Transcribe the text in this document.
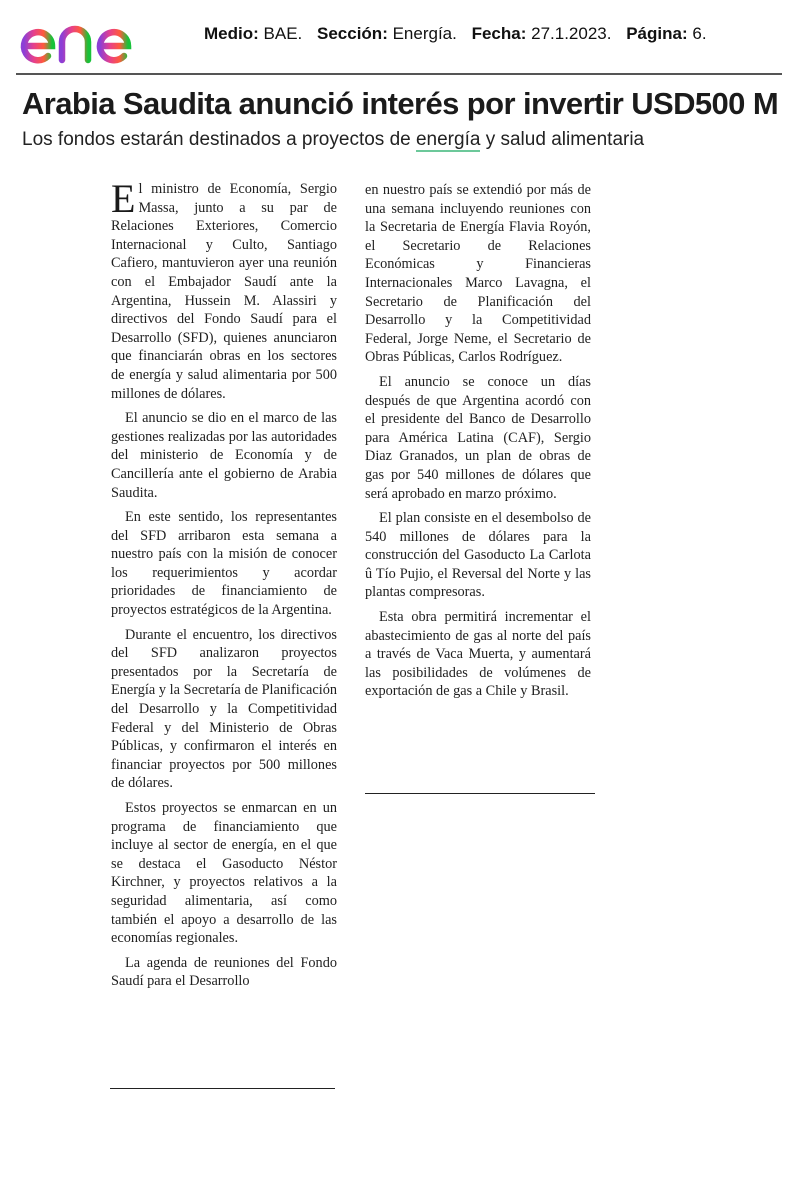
Medio: BAE. Sección: Energía. Fecha: 27.1.2023. Página: 6.
Arabia Saudita anunció interés por invertir USD500 M
Los fondos estarán destinados a proyectos de energía y salud alimentaria

El ministro de Economía, Sergio Massa, junto a su par de Relaciones Exteriores, Comercio Internacional y Culto, Santiago Cafiero, mantuvieron ayer una reunión con el Embajador Saudí ante la Argentina, Hussein M. Alassiri y directivos del Fondo Saudí para el Desarrollo (SFD), quienes anunciaron que financiarán obras en los sectores de energía y salud alimentaria por 500 millones de dólares.

El anuncio se dio en el marco de las gestiones realizadas por las autoridades del ministerio de Economía y de Cancillería ante el gobierno de Arabia Saudita.

En este sentido, los representantes del SFD arribaron esta semana a nuestro país con la misión de conocer los requerimientos y acordar prioridades de financiamiento de proyectos estratégicos de la Argentina.

Durante el encuentro, los directivos del SFD analizaron proyectos presentados por la Secretaría de Energía y la Secretaría de Planificación del Desarrollo y la Competitividad Federal y del Ministerio de Obras Públicas, y confirmaron el interés en financiar proyectos por 500 millones de dólares.

Estos proyectos se enmarcan en un programa de financiamiento que incluye al sector de energía, en el que se destaca el Gasoducto Néstor Kirchner, y proyectos relativos a la seguridad alimentaria, así como también el apoyo a desarrollo de las economías regionales.

La agenda de reuniones del Fondo Saudí para el Desarrollo

en nuestro país se extendió por más de una semana incluyendo reuniones con la Secretaria de Energía Flavia Royón, el Secretario de Relaciones Económicas y Financieras Internacionales Marco Lavagna, el Secretario de Planificación del Desarrollo y la Competitividad Federal, Jorge Neme, el Secretario de Obras Públicas, Carlos Rodríguez.

El anuncio se conoce un días después de que Argentina acordó con el presidente del Banco de Desarrollo para América Latina (CAF), Sergio Diaz Granados, un plan de obras de gas por 540 millones de dólares que será aprobado en marzo próximo.

El plan consiste en el desembolso de 540 millones de dólares para la construcción del Gasoducto La Carlota û Tío Pujio, el Reversal del Norte y las plantas compresoras.

Esta obra permitirá incrementar el abastecimiento de gas al norte del país a través de Vaca Muerta, y aumentará las posibilidades de volúmenes de exportación de gas a Chile y Brasil.
